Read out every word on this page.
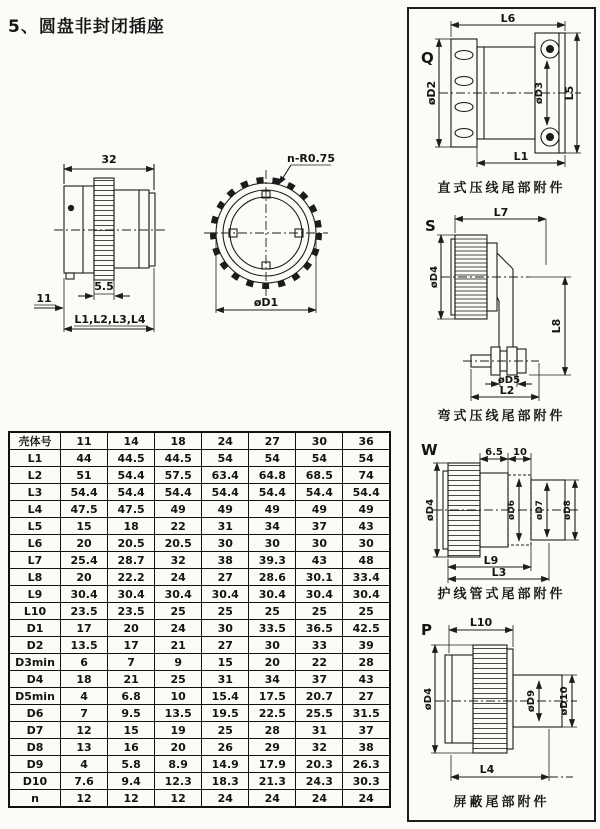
5、圆盘非封闭插座
32
5.5
11
L1,L2,L3,L4
n-R0.75
øD1
壳体号	11	14	18	24	27	30	36
L1	44	44.5	44.5	54	54	54	54
L2	51	54.4	57.5	63.4	64.8	68.5	74
L3	54.4	54.4	54.4	54.4	54.4	54.4	54.4
L4	47.5	47.5	49	49	49	49	49
L5	15	18	22	31	34	37	43
L6	20	20.5	20.5	30	30	30	30
L7	25.4	28.7	32	38	39.3	43	48
L8	20	22.2	24	27	28.6	30.1	33.4
L9	30.4	30.4	30.4	30.4	30.4	30.4	30.4
L10	23.5	23.5	25	25	25	25	25
D1	17	20	24	30	33.5	36.5	42.5
D2	13.5	17	21	27	30	33	39
D3min	6	7	9	15	20	22	28
D4	18	21	25	31	34	37	43
D5min	4	6.8	10	15.4	17.5	20.7	27
D6	7	9.5	13.5	19.5	22.5	25.5	31.5
D7	12	15	19	25	28	31	37
D8	13	16	20	26	29	32	38
D9	4	5.8	8.9	14.9	17.9	20.3	26.3
D10	7.6	9.4	12.3	18.3	21.3	24.3	30.3
n	12	12	12	24	24	24	24
Q
L6
øD2	øD3 L5
L1
直式压线尾部附件
S
L7
øD4
L8
øD5
L2
弯式压线尾部附件
W	6.5 10
øD4	øD6 øD7 øD8
L9
L3
护线管式尾部附件
P	L10
øD4	øD9 øD10
L4
屏蔽尾部附件
